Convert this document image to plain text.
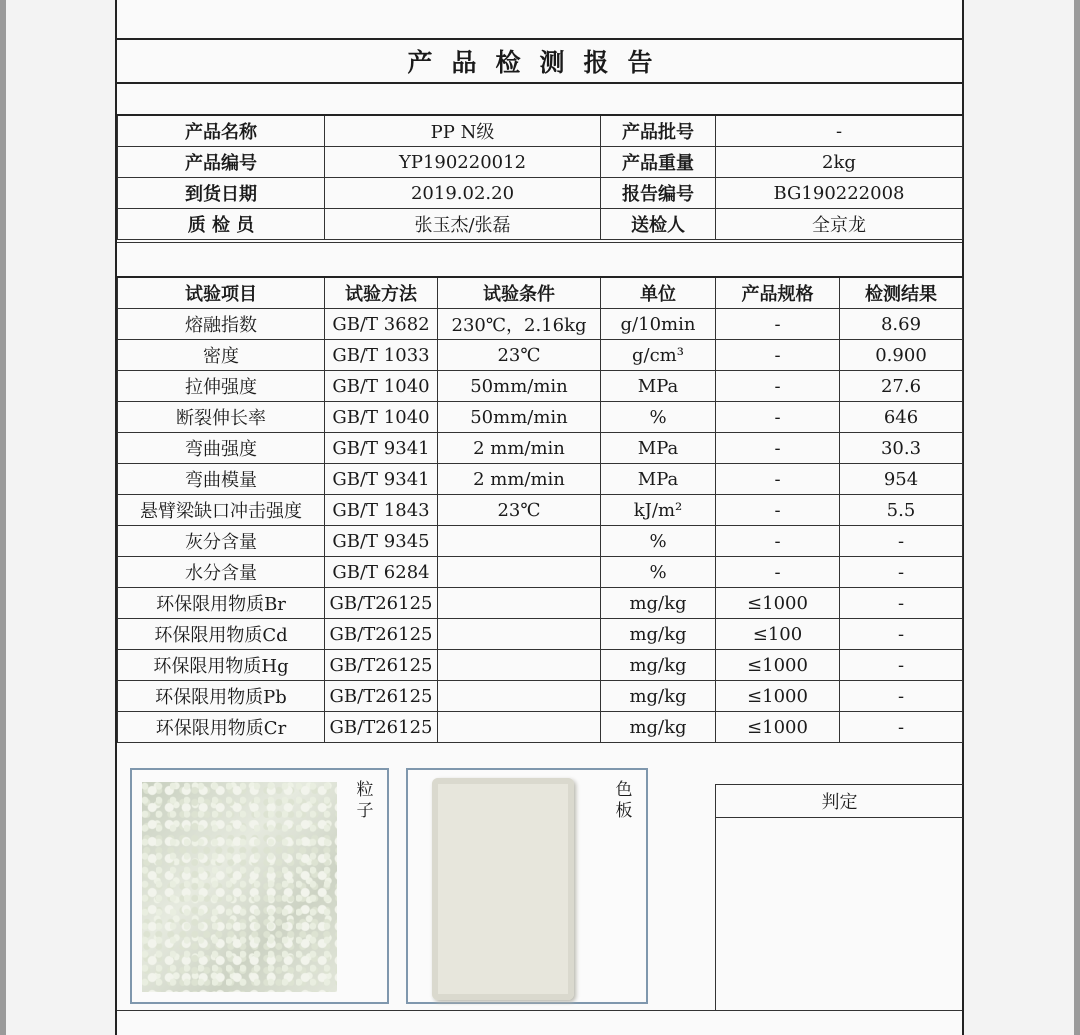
产品检测报告
产品名称	PP N级	产品批号	-
产品编号	YP190220012	产品重量	2kg
到货日期	2019.02.20	报告编号	BG190222008
质 检 员	张玉杰/张磊	送检人	全京龙
试验项目	试验方法	试验条件	单位	产品规格	检测结果
熔融指数	GB/T 3682	230℃，2.16kg	g/10min	-	8.69
密度	GB/T 1033	23℃	g/cm³	-	0.900
拉伸强度	GB/T 1040	50mm/min	MPa	-	27.6
断裂伸长率	GB/T 1040	50mm/min	%	-	646
弯曲强度	GB/T 9341	2 mm/min	MPa	-	30.3
弯曲模量	GB/T 9341	2 mm/min	MPa	-	954
悬臂梁缺口冲击强度	GB/T 1843	23℃	kJ/m²	-	5.5
灰分含量	GB/T 9345		%	-	-
水分含量	GB/T 6284		%	-	-
环保限用物质Br	GB/T26125		mg/kg	≤1000	-
环保限用物质Cd	GB/T26125		mg/kg	≤100	-
环保限用物质Hg	GB/T26125		mg/kg	≤1000	-
环保限用物质Pb	GB/T26125		mg/kg	≤1000	-
环保限用物质Cr	GB/T26125		mg/kg	≤1000	-
粒子
色板	判定
